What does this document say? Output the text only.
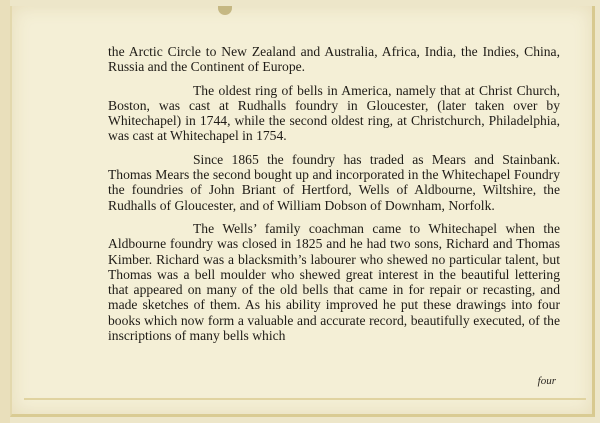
the Arctic Circle to New Zealand and Australia, Africa, India, the Indies, China, Russia and the Continent of Europe.

The oldest ring of bells in America, namely that at Christ Church, Boston, was cast at Rudhalls foundry in Gloucester, (later taken over by Whitechapel) in 1744, while the second oldest ring, at Christchurch, Philadelphia, was cast at Whitechapel in 1754.

Since 1865 the foundry has traded as Mears and Stainbank. Thomas Mears the second bought up and incorporated in the Whitechapel Foundry the foundries of John Briant of Hertford, Wells of Aldbourne, Wiltshire, the Rudhalls of Gloucester, and of William Dobson of Downham, Norfolk.

The Wells’ family coachman came to Whitechapel when the Aldbourne foundry was closed in 1825 and he had two sons, Richard and Thomas Kimber. Richard was a blacksmith’s labourer who shewed no particular talent, but Thomas was a bell moulder who shewed great interest in the beautiful lettering that appeared on many of the old bells that came in for repair or recasting, and made sketches of them. As his ability improved he put these drawings into four books which now form a valuable and accurate record, beautifully executed, of the inscriptions of many bells which

four
